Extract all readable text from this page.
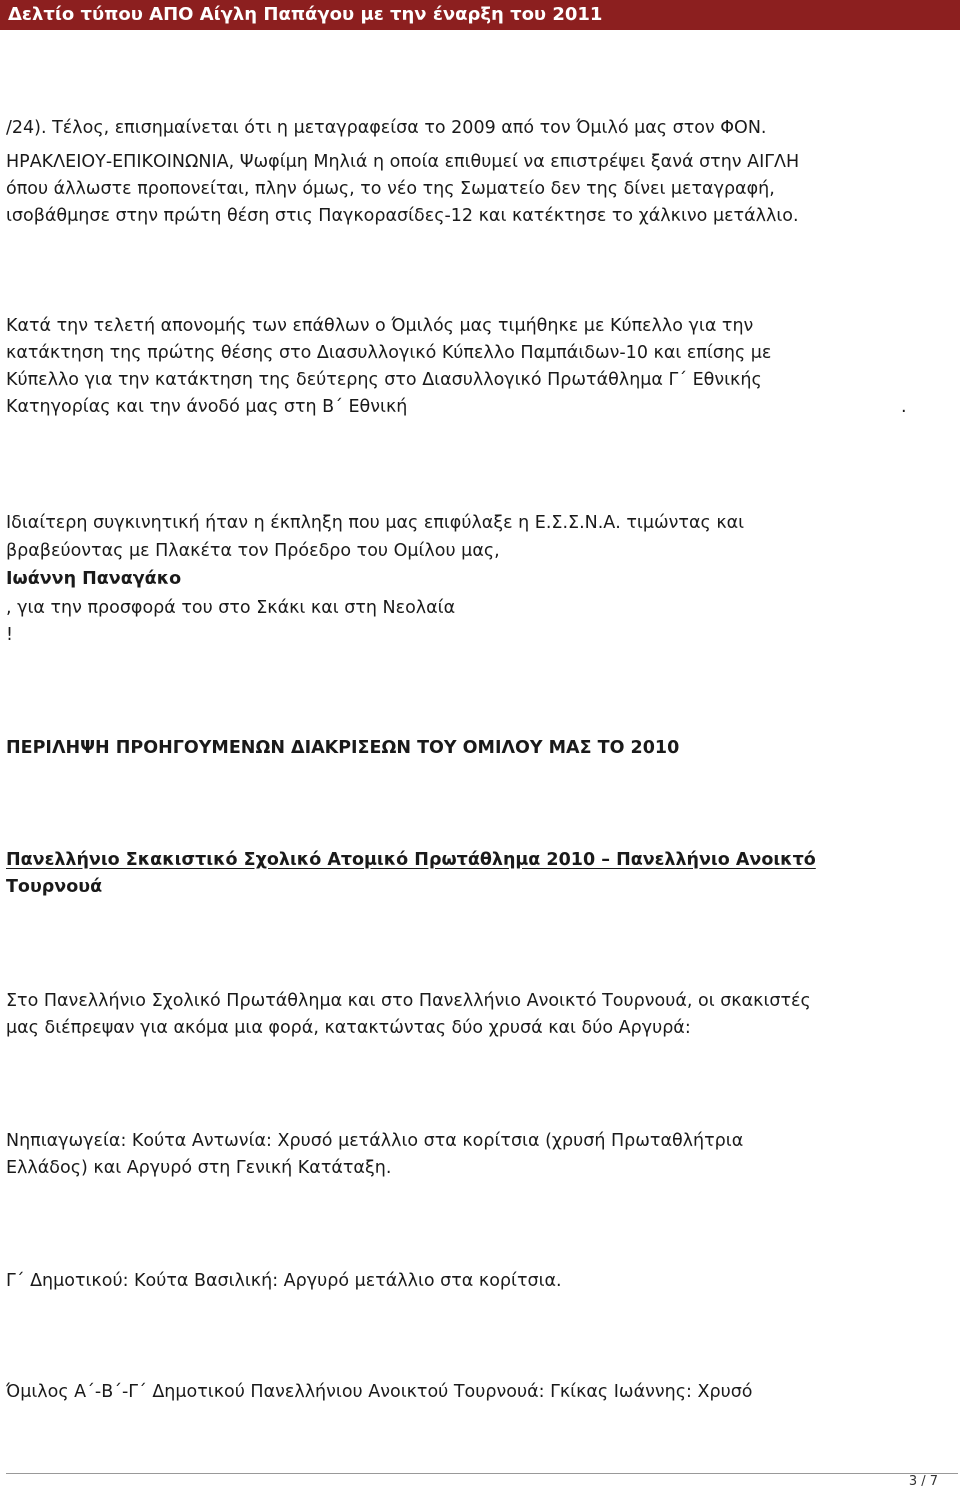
Δελτίο τύπου ΑΠΟ Αίγλη Παπάγου με την έναρξη του 2011

/24). Τέλος, επισημαίνεται ότι η μεταγραφείσα το 2009 από τον Όμιλό μας στον ΦΟΝ.

ΗΡΑΚΛΕΙΟΥ-ΕΠΙΚΟΙΝΩΝΙΑ, Ψωφίμη Μηλιά η οποία επιθυμεί να επιστρέψει ξανά στην ΑΙΓΛΗ

όπου άλλωστε προπονείται, πλην όμως, το νέο της Σωματείο δεν της δίνει μεταγραφή,

ισοβάθμησε στην πρώτη θέση στις Παγκορασίδες-12 και κατέκτησε το χάλκινο μετάλλιο.

Κατά την τελετή απονομής των επάθλων ο Όμιλός μας τιμήθηκε με Κύπελλο για την

κατάκτηση της πρώτης θέσης στο Διασυλλογικό Κύπελλο Παμπάιδων-10 και επίσης με

Κύπελλο για την κατάκτηση της δεύτερης στο Διασυλλογικό Πρωτάθλημα Γ΄ Εθνικής

Κατηγορίας και την άνοδό μας στη Β΄ Εθνική	.

Ιδιαίτερη συγκινητική ήταν η έκπληξη που μας επιφύλαξε η Ε.Σ.Σ.Ν.Α. τιμώντας και

βραβεύοντας με Πλακέτα τον Πρόεδρο του Ομίλου μας,

Ιωάννη Παναγάκο

, για την προσφορά του στο Σκάκι και στη Νεολαία

!

ΠΕΡΙΛΗΨΗ ΠΡΟΗΓΟΥΜΕΝΩΝ ΔΙΑΚΡΙΣΕΩΝ ΤΟΥ ΟΜΙΛΟΥ ΜΑΣ ΤΟ 2010

Πανελλήνιο Σκακιστικό Σχολικό Ατομικό Πρωτάθλημα 2010 – Πανελλήνιο Ανοικτό

Τουρνουά

Στο Πανελλήνιο Σχολικό Πρωτάθλημα και στο Πανελλήνιο Ανοικτό Τουρνουά, οι σκακιστές

μας διέπρεψαν για ακόμα μια φορά, κατακτώντας δύο χρυσά και δύο Αργυρά:

Νηπιαγωγεία: Κούτα Αντωνία: Χρυσό μετάλλιο στα κορίτσια (χρυσή Πρωταθλήτρια

Ελλάδος) και Αργυρό στη Γενική Κατάταξη.

Γ΄ Δημοτικού: Κούτα Βασιλική: Αργυρό μετάλλιο στα κορίτσια.

Όμιλος Α΄-Β΄-Γ΄ Δημοτικού Πανελλήνιου Ανοικτού Τουρνουά: Γκίκας Ιωάννης: Χρυσό

3 / 7
